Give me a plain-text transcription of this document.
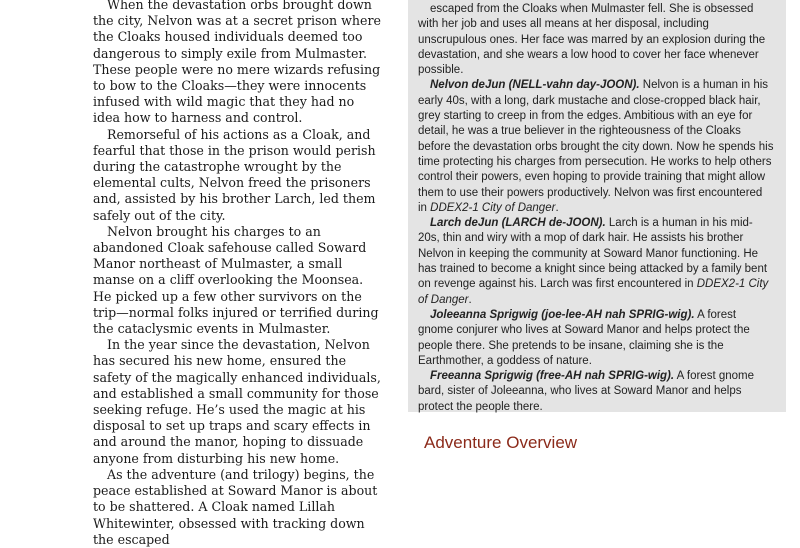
When the devastation orbs brought down the city, Nelvon was at a secret prison where the Cloaks housed individuals deemed too dangerous to simply exile from Mulmaster. These people were no mere wizards refusing to bow to the Cloaks—they were innocents infused with wild magic that they had no idea how to harness and control.

Remorseful of his actions as a Cloak, and fearful that those in the prison would perish during the catastrophe wrought by the elemental cults, Nelvon freed the prisoners and, assisted by his brother Larch, led them safely out of the city.

Nelvon brought his charges to an abandoned Cloak safehouse called Soward Manor northeast of Mulmaster, a small manse on a cliff overlooking the Moonsea. He picked up a few other survivors on the trip—normal folks injured or terrified during the cataclysmic events in Mulmaster.

In the year since the devastation, Nelvon has secured his new home, ensured the safety of the magically enhanced individuals, and established a small community for those seeking refuge. He’s used the magic at his disposal to set up traps and scary effects in and around the manor, hoping to dissuade anyone from disturbing his new home.

As the adventure (and trilogy) begins, the peace established at Soward Manor is about to be shattered. A Cloak named Lillah Whitewinter, obsessed with tracking down the escaped

escaped from the Cloaks when Mulmaster fell. She is obsessed with her job and uses all means at her disposal, including unscrupulous ones. Her face was marred by an explosion during the devastation, and she wears a low hood to cover her face whenever possible.

Nelvon deJun (NELL-vahn day-JOON). Nelvon is a human in his early 40s, with a long, dark mustache and close-cropped black hair, grey starting to creep in from the edges. Ambitious with an eye for detail, he was a true believer in the righteousness of the Cloaks before the devastation orbs brought the city down. Now he spends his time protecting his charges from persecution. He works to help others control their powers, even hoping to provide training that might allow them to use their powers productively. Nelvon was first encountered in DDEX2-1 City of Danger.

Larch deJun (LARCH de-JOON). Larch is a human in his mid-20s, thin and wiry with a mop of dark hair. He assists his brother Nelvon in keeping the community at Soward Manor functioning. He has trained to become a knight since being attacked by a family bent on revenge against his. Larch was first encountered in DDEX2-1 City of Danger.

Joleeanna Sprigwig (joe-lee-AH nah SPRIG-wig). A forest gnome conjurer who lives at Soward Manor and helps protect the people there. She pretends to be insane, claiming she is the Earthmother, a goddess of nature.

Freeanna Sprigwig (free-AH nah SPRIG-wig). A forest gnome bard, sister of Joleeanna, who lives at Soward Manor and helps protect the people there.

Adventure Overview
